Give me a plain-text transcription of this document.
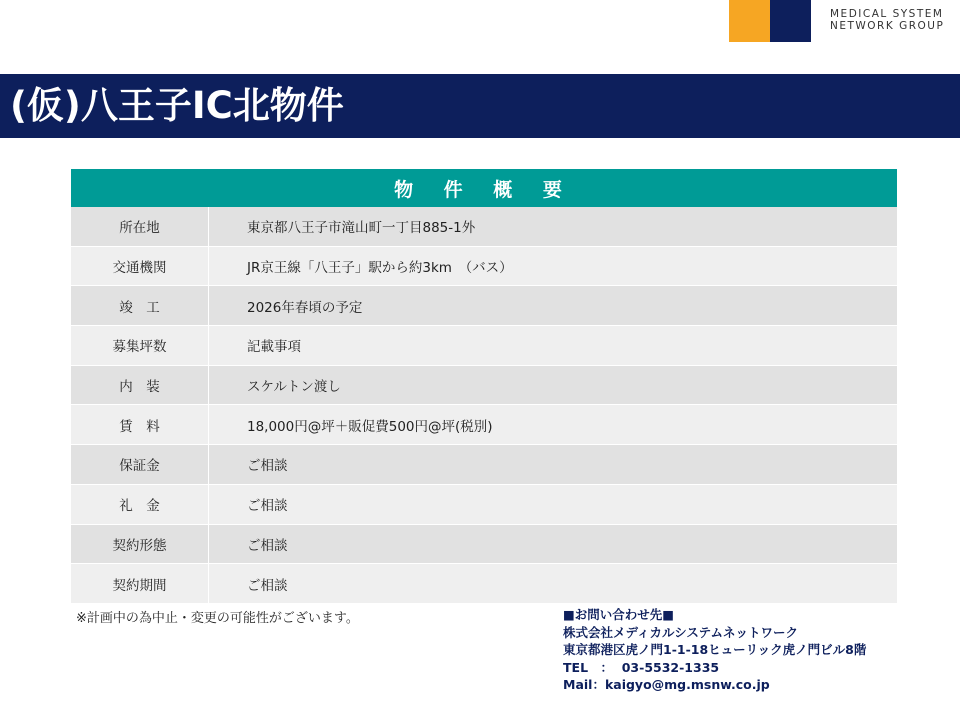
MEDICAL SYSTEM
NETWORK GROUP
(仮)八王子IC北物件
物 件 概 要
所在地	東京都八王子市滝山町一丁目885-1外
交通機関	JR京王線「八王子」駅から約3km　（バス）
竣　工	2026年春頃の予定
募集坪数	記載事項
内　装	スケルトン渡し
賃　料	18,000円@坪＋販促費500円@坪(税別)
保証金	ご相談
礼　金	ご相談
契約形態	ご相談
契約期間	ご相談
※計画中の為中止・変更の可能性がございます。	■お問い合わせ先■
株式会社メディカルシステムネットワーク
東京都港区虎ノ門1-1-18ヒューリック虎ノ門ビル8階
TEL　：  03-5532-1335
Mail：kaigyo@mg.msnw.co.jp
